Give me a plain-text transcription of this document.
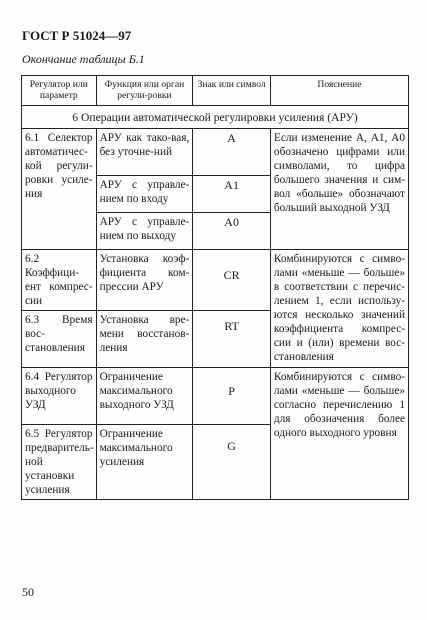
ГОСТ Р 51024—97
Окончание таблицы Б.1
Регулятор или параметр	Функция или орган регули-ровки	Знак или символ	Пояснение
6 Операции автоматической регулировки усиления (АРУ)			
6.1 Селектор автоматичес-кой регули-ровки усиле-ния	АРУ как тако-вая, без уточне-ний	A	Если изменение А, А1, А0 обозначено цифрами или символами, то цифра большего значения и сим-вол «больше» обозначают больший выходной УЗД
	АРУ с управле-нием по входу	A1	
	АРУ с управле-нием по выходу	A0	
6.2 Коэффици-ент компрес-сии	Установка коэф-фициента ком-прессии АРУ	CR	Комбинируются с симво-лами «меньше — больше» в соответствии с перечис-лением 1, если использу-ются несколько значений коэффициента компрес-сии и (или) времени вос-становления
6.3 Время вос-становления	Установка вре-мени восстанов-ления	RT	
6.4 Регулятор выходного УЗД	Ограничение максимального выходного УЗД	P	Комбинируются с симво-лами «меньше — больше» согласно перечислению 1 для обозначения более одного выходного уровня
6.5 Регулятор предваритель-ной установки усиления	Ограничение максимального усиления	G	
50
